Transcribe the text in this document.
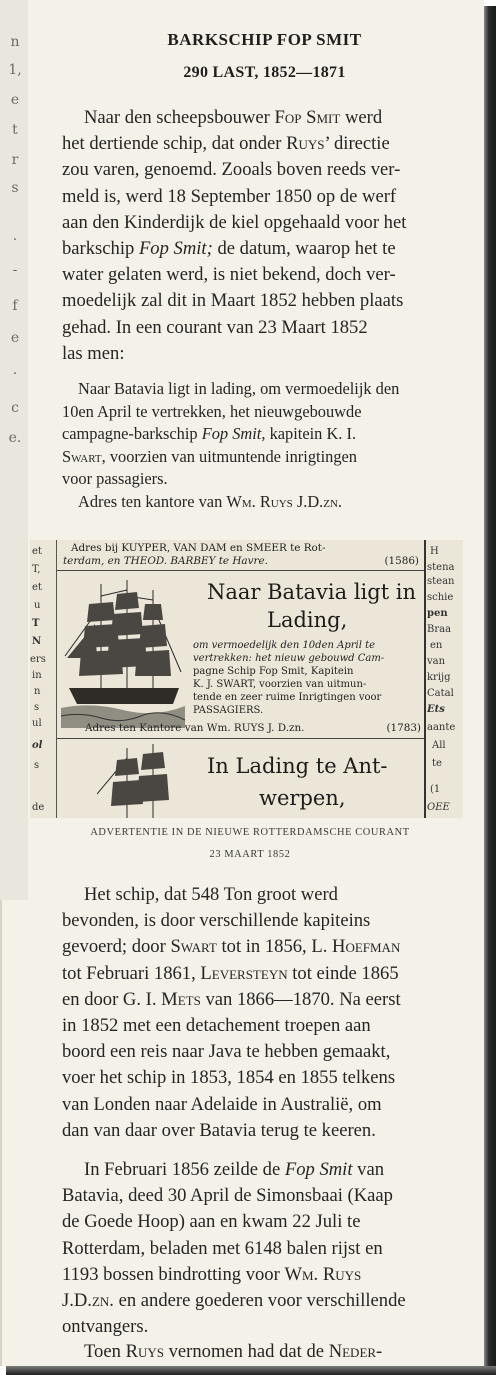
n
1,
e
t
r
s
·
-
f
e
·
c
e.
BARKSCHIP FOP SMIT
290 LAST, 1852—1871

Naar den scheepsbouwer Fop Smit werd

het dertiende schip, dat onder Ruys’ directie

zou varen, genoemd. Zooals boven reeds ver-

meld is, werd 18 September 1850 op de werf

aan den Kinderdijk de kiel opgehaald voor het

barkschip Fop Smit; de datum, waarop het te

water gelaten werd, is niet bekend, doch ver-

moedelijk zal dit in Maart 1852 hebben plaats

gehad. In een courant van 23 Maart 1852

las men:

Naar Batavia ligt in lading, om vermoedelijk den

10en April te vertrekken, het nieuwgebouwde

campagne-barkschip Fop Smit, kapitein K. I.

Swart, voorzien van uitmuntende inrigtingen

voor passagiers.

Adres ten kantore van Wm. Ruys J.D.zn.

et
T,
et
u
T
N
ers
in
n
s
ul
ol
s
de
Adres bij KUYPER, VAN DAM en SMEER te Rot-
terdam, en THEOD. BARBEY te Havre.	(1586)
Naar Batavia ligt in
Lading,
om vermoedelijk den 10den April te
vertrekken: het nieuw gebouwd Cam-
pagne Schip Fop Smit, Kapitein
K. J. SWART, voorzien van uitmun-
tende en zeer ruime Inrigtingen voor
PASSAGIERS.
Adres ten Kantore van Wm. RUYS J. D.zn.	(1783)
In Lading te Ant-
werpen,
H
stena
stean
schie
pen
Braa
en
van
krijg
Catal
Ets
aante
All
te
(1
OEE
ADVERTENTIE IN DE NIEUWE ROTTERDAMSCHE COURANT
23 MAART 1852

Het schip, dat 548 Ton groot werd

bevonden, is door verschillende kapiteins

gevoerd; door Swart tot in 1856, L. Hoefman

tot Februari 1861, Leversteyn tot einde 1865

en door G. I. Mets van 1866—1870. Na eerst

in 1852 met een detachement troepen aan

boord een reis naar Java te hebben gemaakt,

voer het schip in 1853, 1854 en 1855 telkens

van Londen naar Adelaide in Australië, om

dan van daar over Batavia terug te keeren.

In Februari 1856 zeilde de Fop Smit van

Batavia, deed 30 April de Simonsbaai (Kaap

de Goede Hoop) aan en kwam 22 Juli te

Rotterdam, beladen met 6148 balen rijst en

1193 bossen bindrotting voor Wm. Ruys

J.D.zn. en andere goederen voor verschillende

ontvangers.

Toen Ruys vernomen had dat de Neder-
